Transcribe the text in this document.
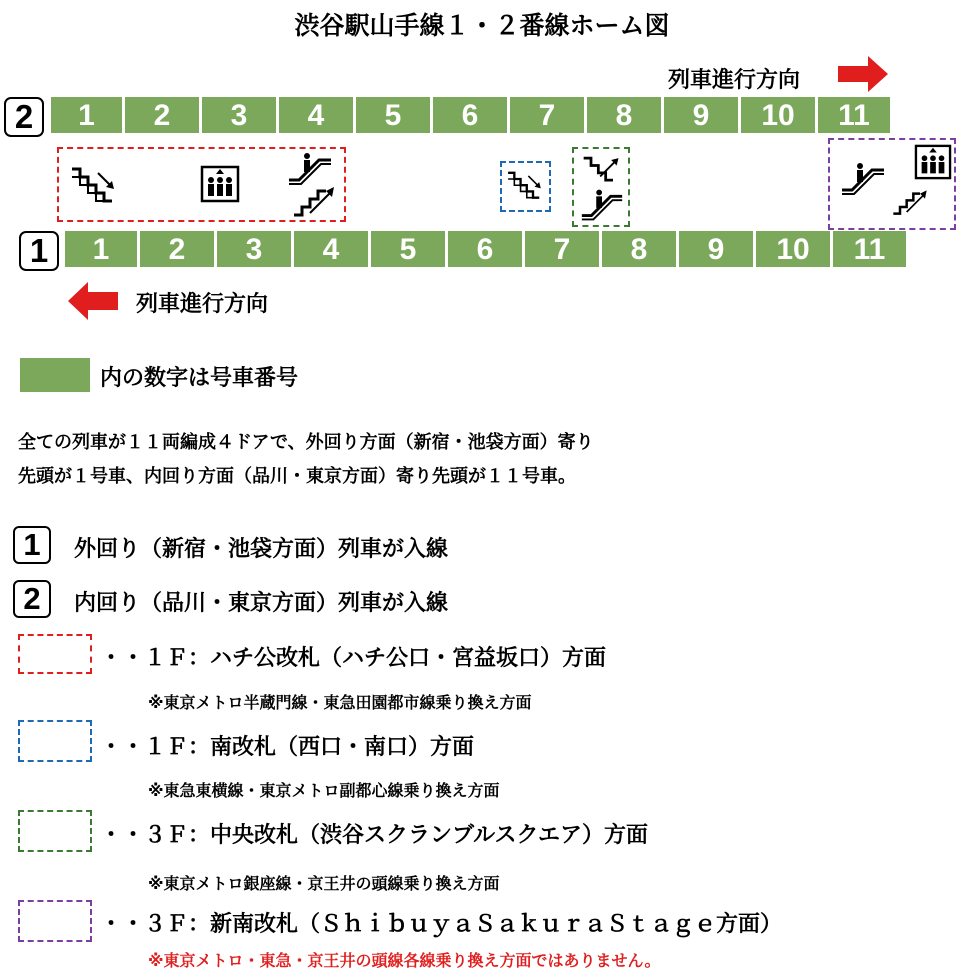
渋谷駅山手線１・２番線ホーム図
列車進行方向
2	1	2	3	4	5	6	7	8	9	10	11
1	1	2	3	4	5	6	7	8	9	10	11
列車進行方向
内の数字は号車番号
全ての列車が１１両編成４ドアで、外回り方面（新宿・池袋方面）寄り
先頭が１号車、内回り方面（品川・東京方面）寄り先頭が１１号車。
1	外回り（新宿・池袋方面）列車が入線
2	内回り（品川・東京方面）列車が入線
・・１Ｆ：ハチ公改札（ハチ公口・宮益坂口）方面
※東京メトロ半蔵門線・東急田園都市線乗り換え方面
・・１Ｆ：南改札（西口・南口）方面
※東急東横線・東京メトロ副都心線乗り換え方面
・・３Ｆ：中央改札（渋谷スクランブルスクエア）方面
※東京メトロ銀座線・京王井の頭線乗り換え方面
・・３Ｆ：新南改札（ＳｈｉｂｕｙａＳａｋｕｒａＳｔａｇｅ方面）
※東京メトロ・東急・京王井の頭線各線乗り換え方面ではありません。
